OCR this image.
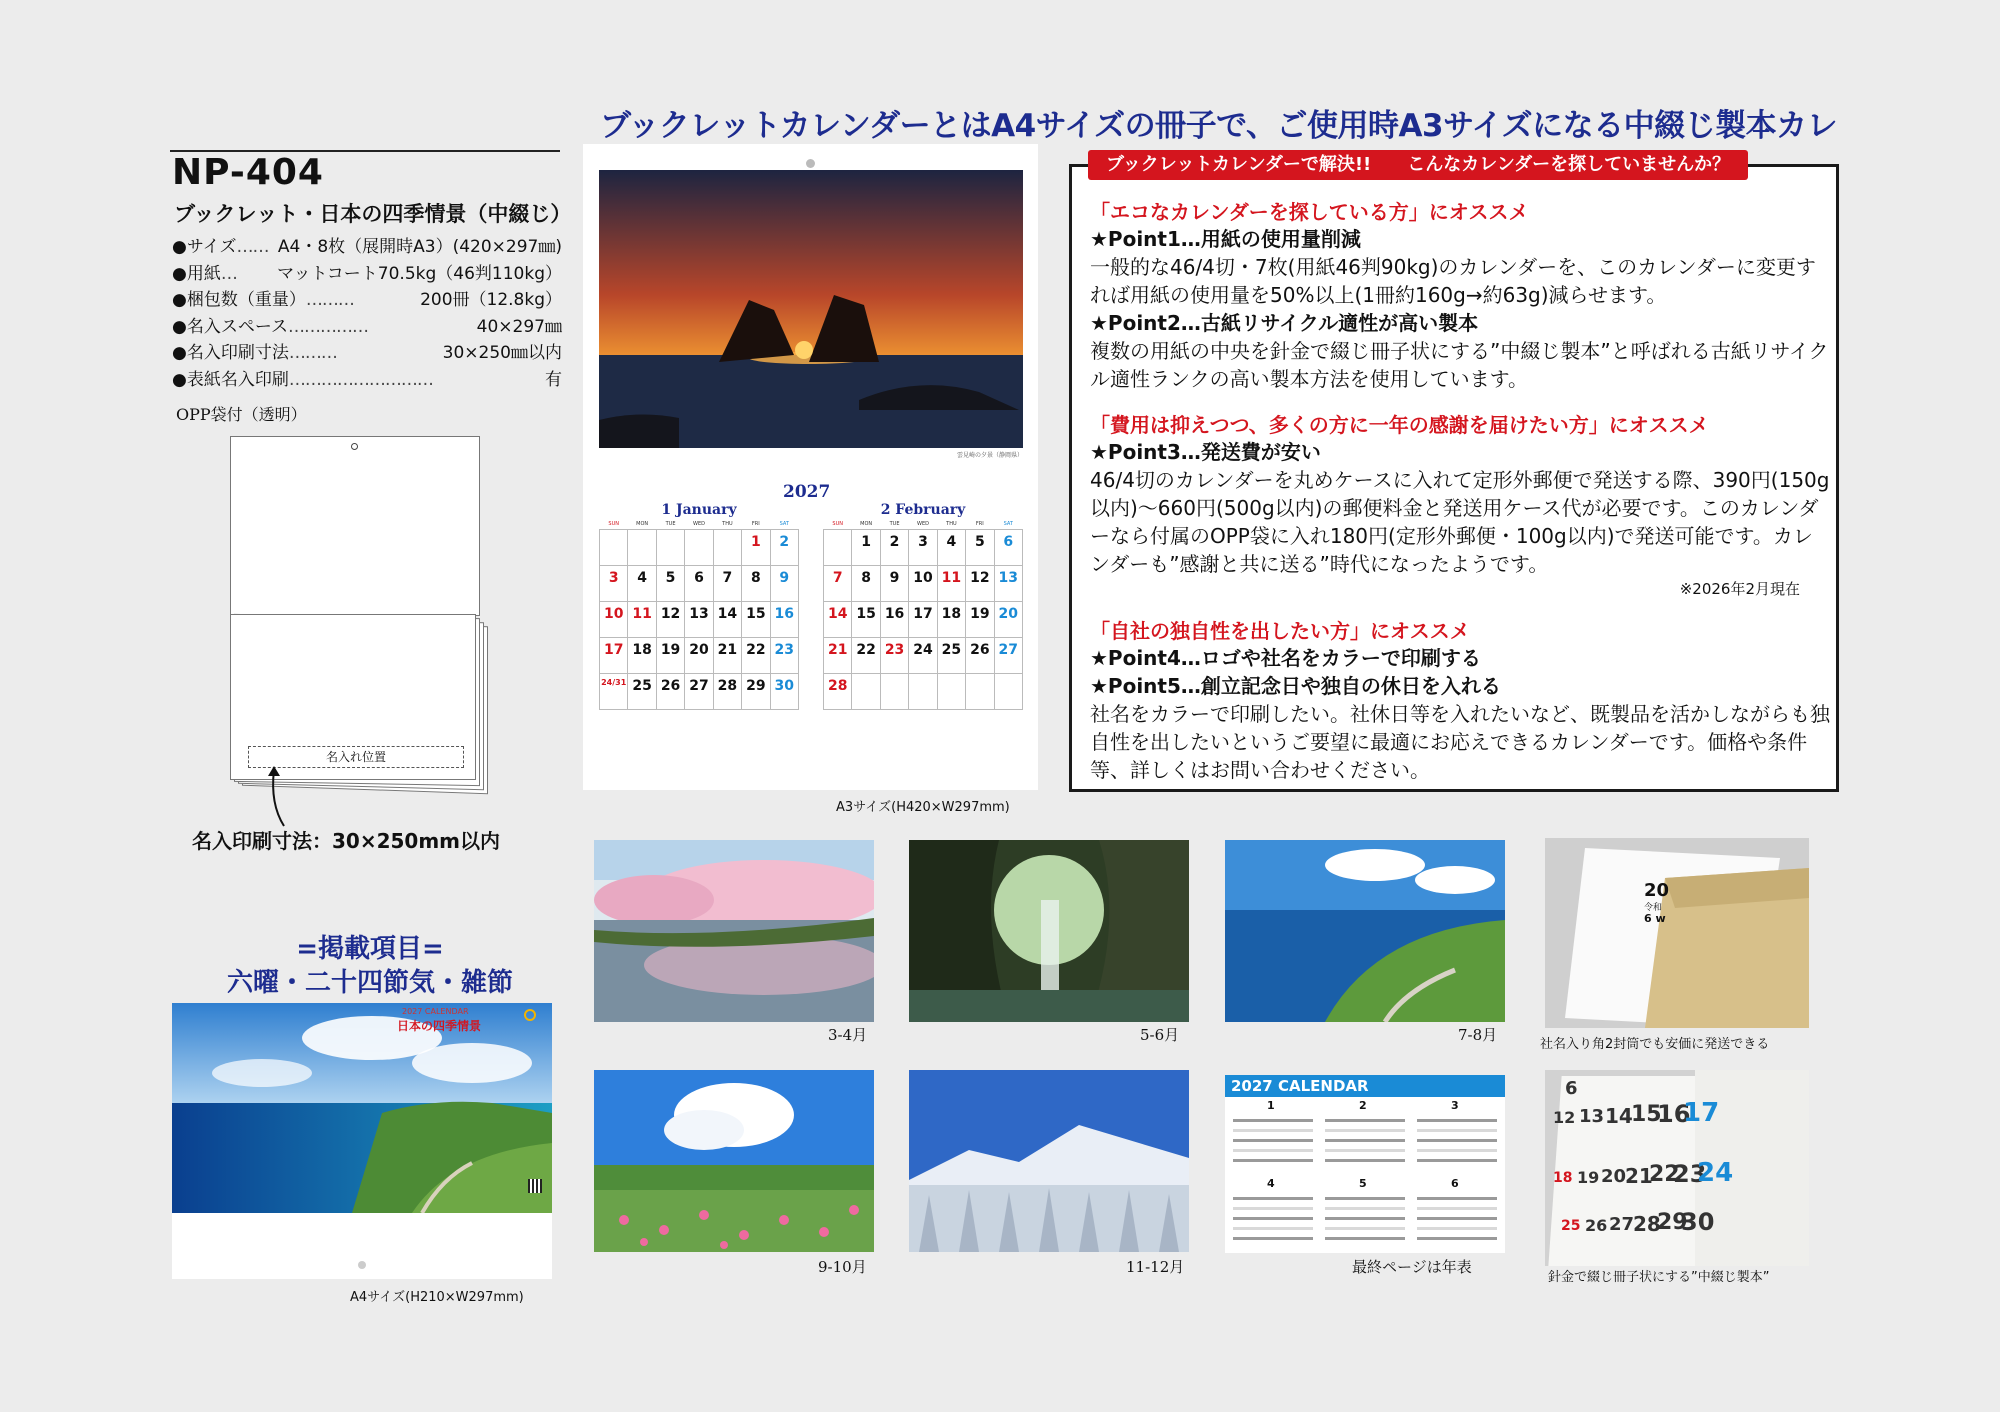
ブックレットカレンダーとはA4サイズの冊子で、ご使用時A3サイズになる中綴じ製本カレ
NP-404
ブックレット・日本の四季情景（中綴じ）
●サイズ …… A4・8枚（展開時A3）(420×297㎜)
●用紙 …	マットコート70.5kg（46判110kg）
●梱包数（重量） ………	200冊（12.8kg）
●名入スペース ……………	40×297㎜
●名入印刷寸法 ………	30×250㎜以内
●表紙名入印刷 ………………………	有
OPP袋付（透明）
名入れ位置
名入印刷寸法：30×250mm以内
=掲載項目=
六曜・二十四節気・雑節
2027 CALENDAR
日本の四季情景
A4サイズ(H210×W297mm)
雲見崎の夕景（静岡県）
2027
1 January
SUN	MON	TUE	WED	THU	FRI	SAT
					1	2
3	4	5	6	7	8	9
10	11	12	13	14	15	16
17	18	19	20	21	22	23
24/31	25	26	27	28	29	30
2 February
SUN	MON	TUE	WED	THU	FRI	SAT
	1	2	3	4	5	6
7	8	9	10	11	12	13
14	15	16	17	18	19	20
21	22	23	24	25	26	27
28						
A3サイズ(H420×W297mm)
ブックレットカレンダーで解決!!　　こんなカレンダーを探していませんか？
「エコなカレンダーを探している方」にオススメ
★Point1…用紙の使用量削減
一般的な46/4切・7枚(用紙46判90kg)のカレンダーを、このカレンダーに変更すれば用紙の使用量を50%以上(1冊約160g→約63g)減らせます。
★Point2…古紙リサイクル適性が高い製本
複数の用紙の中央を針金で綴じ冊子状にする”中綴じ製本”と呼ばれる古紙リサイクル適性ランクの高い製本方法を使用しています。
「費用は抑えつつ、多くの方に一年の感謝を届けたい方」にオススメ
★Point3…発送費が安い
46/4切のカレンダーを丸めケースに入れて定形外郵便で発送する際、390円(150g以内)〜660円(500g以内)の郵便料金と発送用ケース代が必要です。このカレンダーなら付属のOPP袋に入れ180円(定形外郵便・100g以内)で発送可能です。カレンダーも”感謝と共に送る”時代になったようです。
※2026年2月現在
「自社の独自性を出したい方」にオススメ
★Point4…ロゴや社名をカラーで印刷する
★Point5…創立記念日や独自の休日を入れる
社名をカラーで印刷したい。社休日等を入れたいなど、既製品を活かしながらも独自性を出したいというご要望に最適にお応えできるカレンダーです。価格や条件等、詳しくはお問い合わせください。
3-4月	5-6月	7-8月
20
令和
6 w
社名入り角2封筒でも安価に発送できる
9-10月	11-12月
2027 CALENDAR
1	2	3
4	5	6
最終ページは年表
6
12 13 14
15
16
17
18 19 20
21
22
23
24
25 26 27
28
29
30
針金で綴じ冊子状にする”中綴じ製本”
